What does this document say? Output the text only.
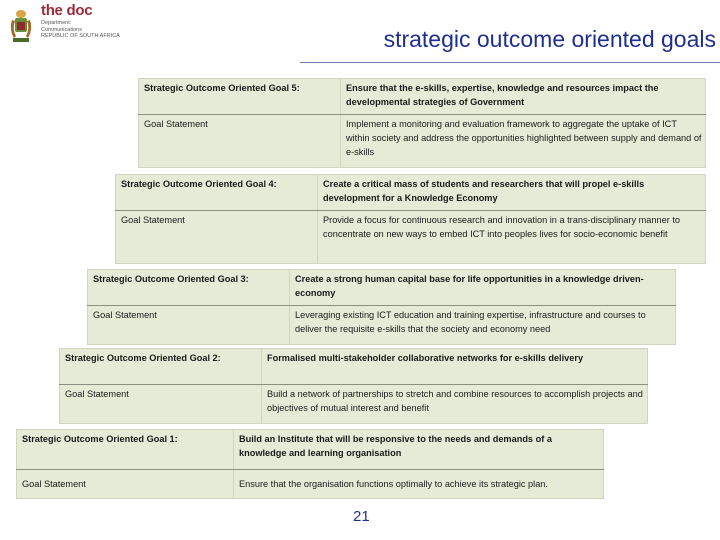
the doc
Department:
Communications
REPUBLIC OF SOUTH AFRICA	strategic outcome oriented goals
Strategic Outcome Oriented Goal 5:	Ensure that the e-skills, expertise, knowledge and resources impact the developmental strategies of Government
Goal Statement	Implement a monitoring and evaluation framework to aggregate the uptake of ICT within society and address the opportunities highlighted between supply and demand of e-skills
Strategic Outcome Oriented Goal 4:	Create a critical mass of students and researchers that will propel e-skills development for a Knowledge Economy
Goal Statement	Provide a focus for continuous research and innovation in a trans-disciplinary manner to concentrate on new ways to embed ICT into peoples lives for socio-economic benefit
Strategic Outcome Oriented Goal 3:	Create a strong human capital base for life opportunities in a knowledge driven-economy
Goal Statement	Leveraging existing ICT education and training expertise, infrastructure and courses to deliver the requisite e-skills that the society and economy need
Strategic Outcome Oriented Goal 2:	Formalised multi-stakeholder collaborative networks for e-skills delivery
Goal Statement	Build a network of partnerships to stretch and combine resources to accomplish projects and objectives of mutual interest and benefit
Strategic Outcome Oriented Goal 1:	Build an Institute that will be responsive to the needs and demands of a knowledge and learning organisation
Goal Statement	Ensure that the organisation functions optimally to achieve its strategic plan.
21
